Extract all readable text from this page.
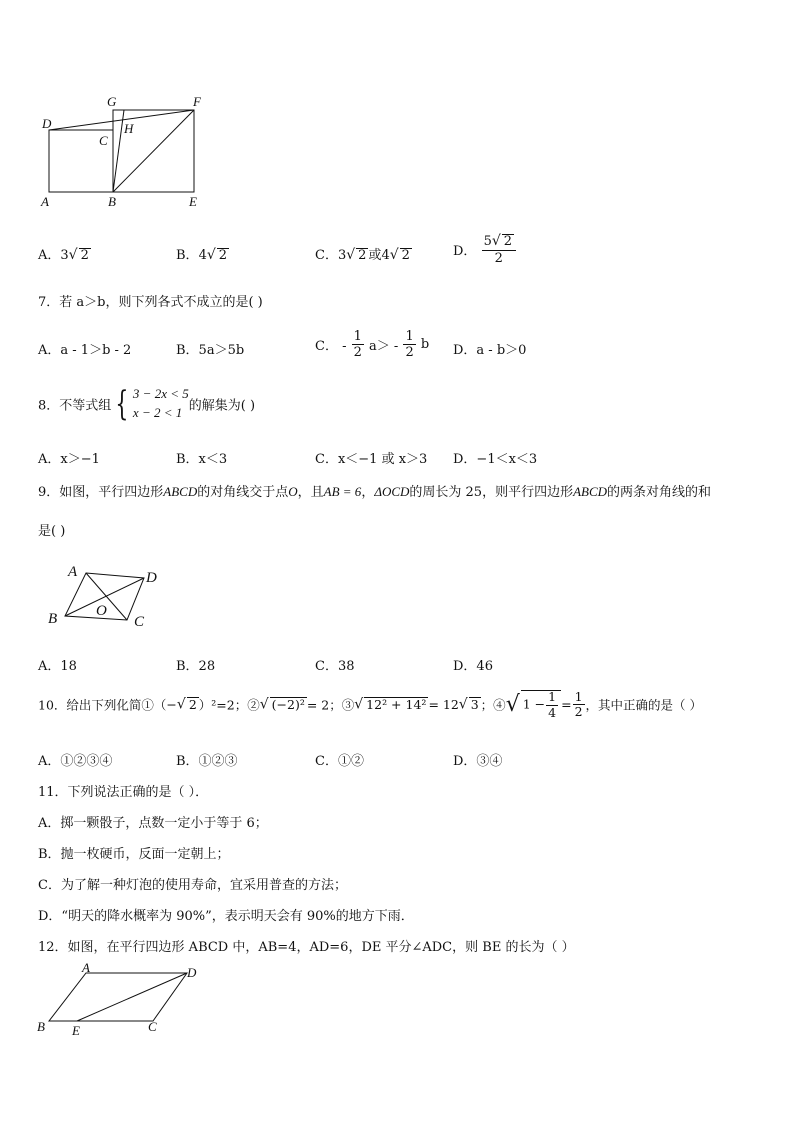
G	F
D	H
C
A	B	E
A．3√ 2	B．4√ 2	C．3√ 2 或4√ 2	D． $\frac{5√ 2}{2}$
7．若 a＞b，则下列各式不成立的是( )
A．a - 1＞b - 2	B．5a＞5b	C． - $\frac{1}{2} a> - \frac{1}{2}$ b D．a - b＞0
8．不等式组 { 3 − 2x < 5
x − 2 < 1 的解集为( )
A．x＞−1	B．x＜3	C．x＜−1 或 x＞3 D．−1＜x＜3
9．如图，平行四边形ABCD的对角线交于点O，且AB = 6，ΔOCD的周长为 25，则平行四边形ABCD的两条对角线的和
是( )
A	D
B	O
C
A．18	B．28	C．38	D．46
10．给出下列化简①（−√ 2 ）²=2；②√ (−2)² = 2；③√ 12² + 14² = 12√ 3 ；④√ $1 - \frac{1}{4} = \frac{1}{2}$ ，其中正确的是（ ）
A．①②③④	B．①②③	C．①②	D．③④
11．下列说法正确的是（ ）．
A．掷一颗骰子，点数一定小于等于 6；
B．抛一枚硬币，反面一定朝上；
C．为了解一种灯泡的使用寿命，宜采用普查的方法；
D．“明天的降水概率为 90%”，表示明天会有 90%的地方下雨．
12．如图，在平行四边形 ABCD 中，AB=4，AD=6，DE 平分∠ADC，则 BE 的长为（ ）
A	D
B E	C
